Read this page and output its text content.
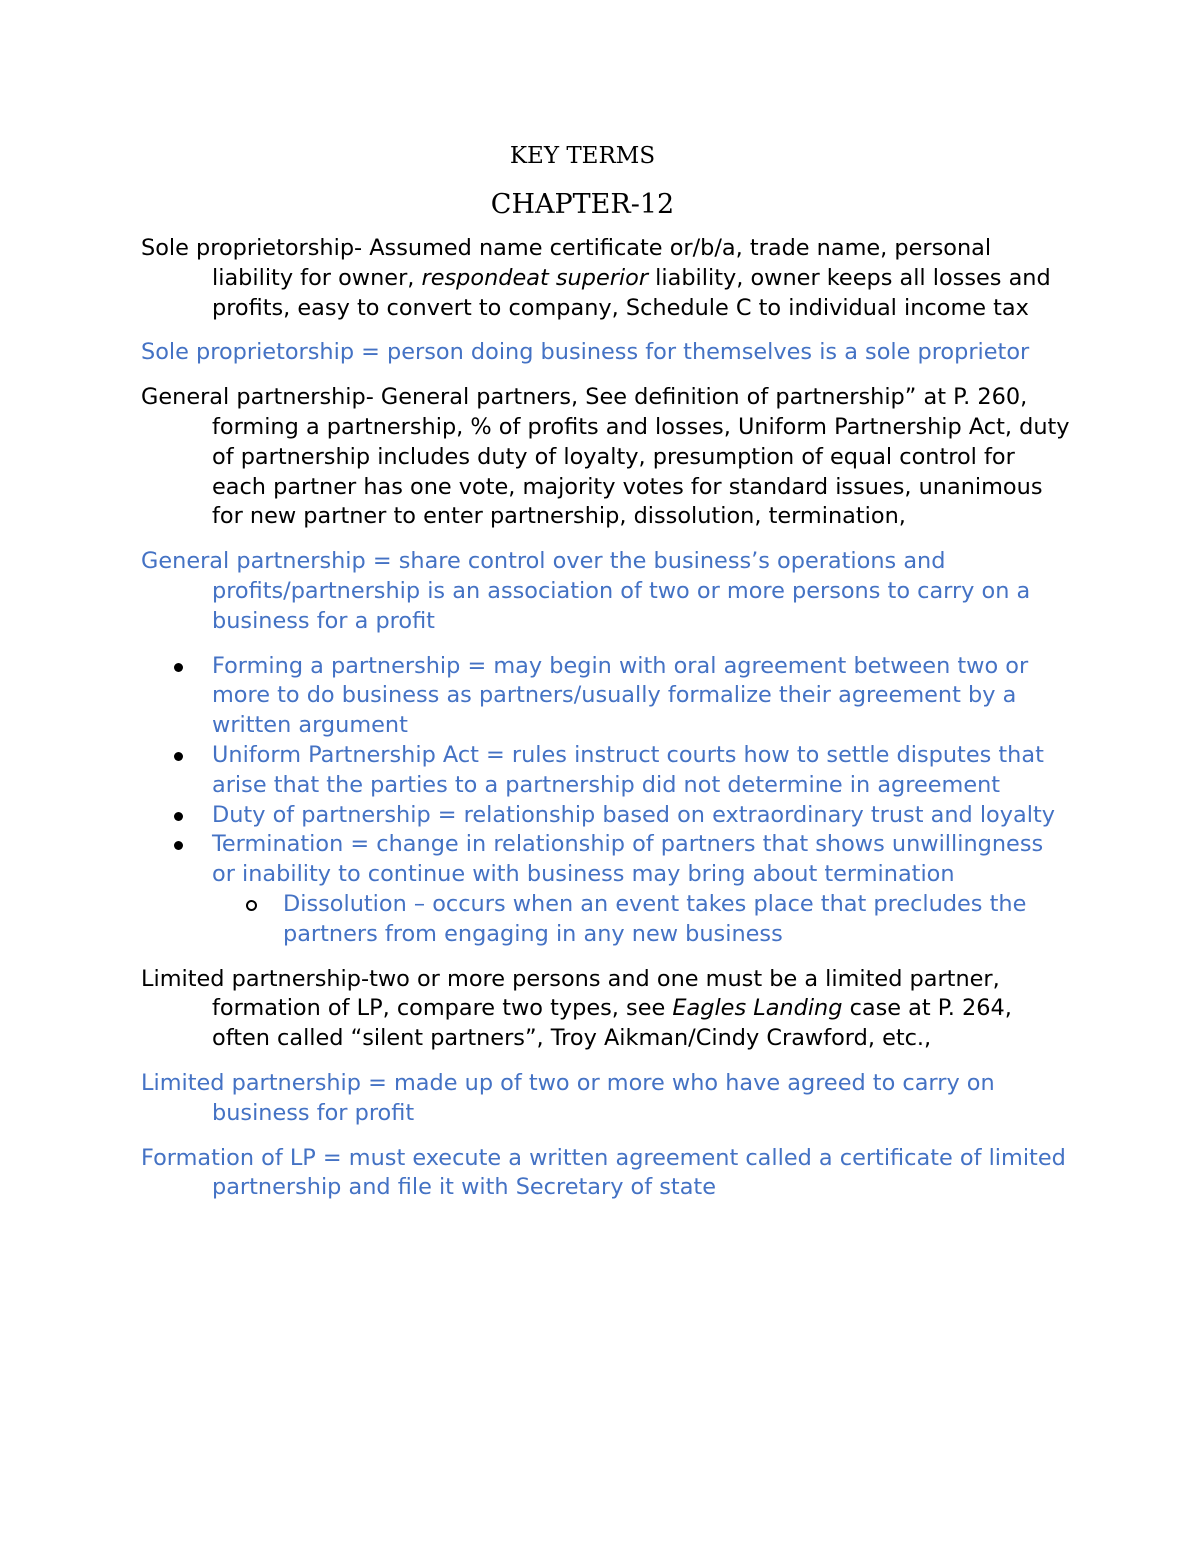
KEY TERMS
CHAPTER-12

Sole proprietorship- Assumed name certificate or/b/a, trade name, personal liability for owner, respondeat superior liability, owner keeps all losses and profits, easy to convert to company, Schedule C to individual income tax

Sole proprietorship = person doing business for themselves is a sole proprietor

General partnership- General partners, See definition of partnership” at P. 260, forming a partnership, % of profits and losses, Uniform Partnership Act, duty of partnership includes duty of loyalty, presumption of equal control for each partner has one vote, majority votes for standard issues, unanimous for new partner to enter partnership, dissolution, termination,

General partnership = share control over the business’s operations and profits/partnership is an association of two or more persons to carry on a business for a profit

Forming a partnership = may begin with oral agreement between two or more to do business as partners/usually formalize their agreement by a written argument
Uniform Partnership Act = rules instruct courts how to settle disputes that arise that the parties to a partnership did not determine in agreement
Duty of partnership = relationship based on extraordinary trust and loyalty
Termination = change in relationship of partners that shows unwillingness or inability to continue with business may bring about termination
Dissolution – occurs when an event takes place that precludes the partners from engaging in any new business

Limited partnership-two or more persons and one must be a limited partner, formation of LP, compare two types, see Eagles Landing case at P. 264, often called “silent partners”, Troy Aikman/Cindy Crawford, etc.,

Limited partnership = made up of two or more who have agreed to carry on business for profit

Formation of LP = must execute a written agreement called a certificate of limited partnership and file it with Secretary of state
